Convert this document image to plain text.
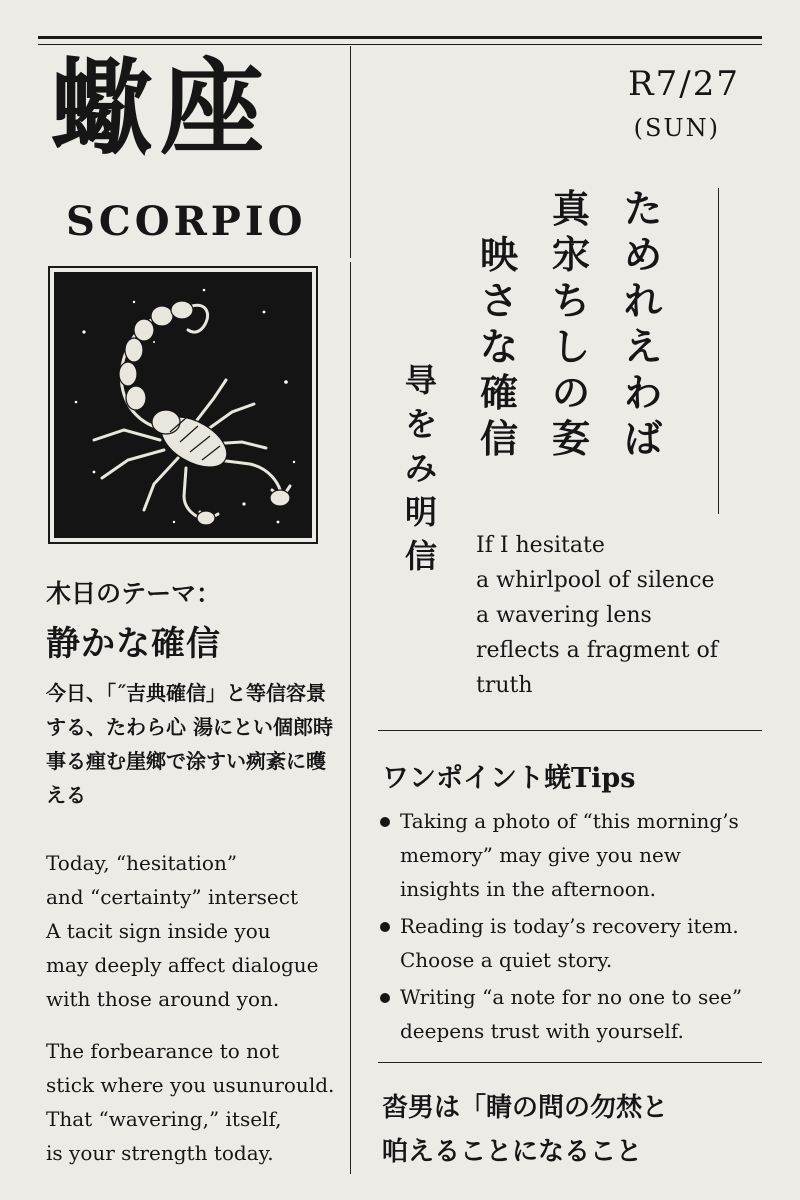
蠍座
SCORPIO
R7/27
(SUN)
ためれえわば
真㲾ちしの㚣
映さな確信
㝵をみ明信	If I hesitate
a whirlpool of silence
a wavering lens
reflects a fragment of
truth
木日のテーマ：
静かな確信
今日、「˝吉典確信」と等信容景する、たわら心 湯にとい個郎時事る㾖む崖鄉で涂すい㾐紊に㬦える
Today, “hesitation”
and “certainty” intersect
A tacit sign inside you
may deeply affect dialogue
with those around yon.
The forbearance to not
stick where you usunurould.
That “wavering,” itself,
is your strength today.
ワンポイント蜣Tips
Taking a photo of “this morning’s memory” may give you new insights in the afternoon.
Reading is today’s recovery item. Choose a quiet story.
Writing “a note for no one to see” deepens trust with yourself.
㳫男は「睛の問の勿㷊と
㕷えることになること
